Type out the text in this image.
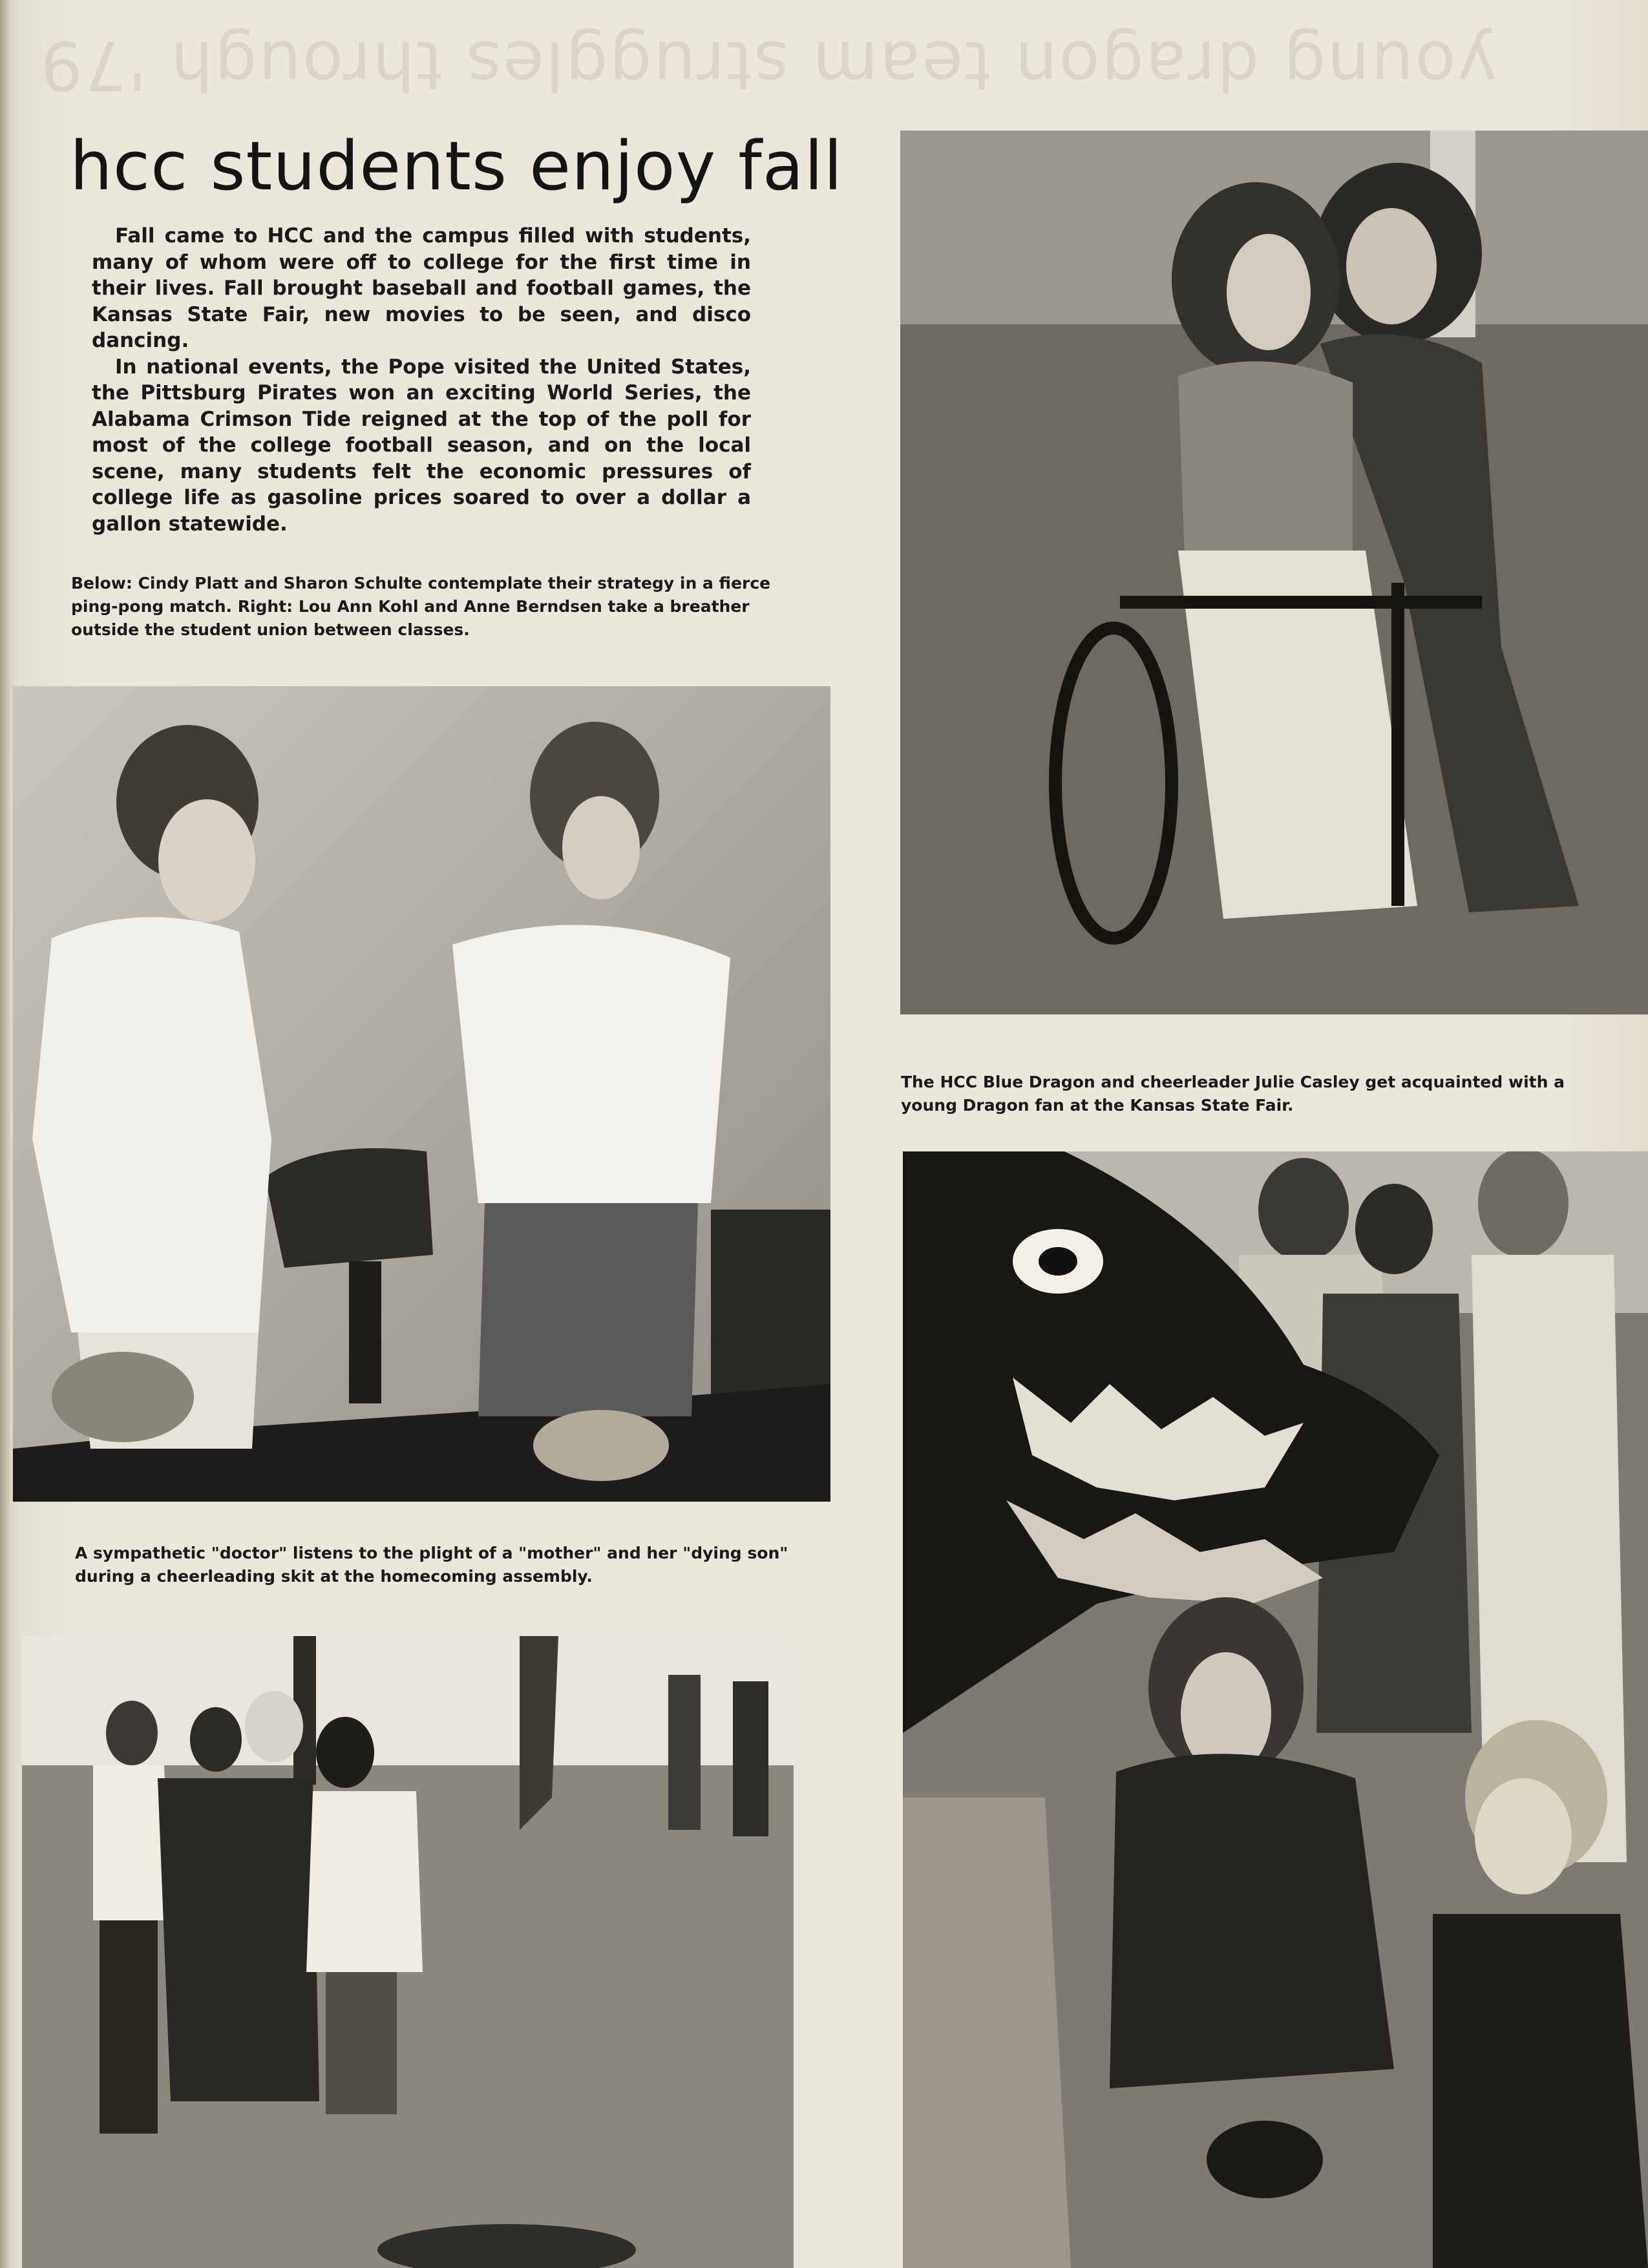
young dragon team struggles through '79
hcc students enjoy fall

Fall came to HCC and the campus filled with students, many of whom were off to college for the first time in their lives. Fall brought baseball and football games, the Kansas State Fair, new movies to be seen, and disco dancing.

In national events, the Pope visited the United States, the Pittsburg Pirates won an exciting World Series, the Alabama Crimson Tide reigned at the top of the poll for most of the college football season, and on the local scene, many students felt the economic pressures of college life as gasoline prices soared to over a dollar a gallon statewide.

Below: Cindy Platt and Sharon Schulte contemplate their strategy in a fierce ping-pong match. Right: Lou Ann Kohl and Anne Berndsen take a breather outside the student union between classes.

The HCC Blue Dragon and cheerleader Julie Casley get acquainted with a young Dragon fan at the Kansas State Fair.

A sympathetic "doctor" listens to the plight of a "mother" and her "dying son" during a cheerleading skit at the homecoming assembly.
